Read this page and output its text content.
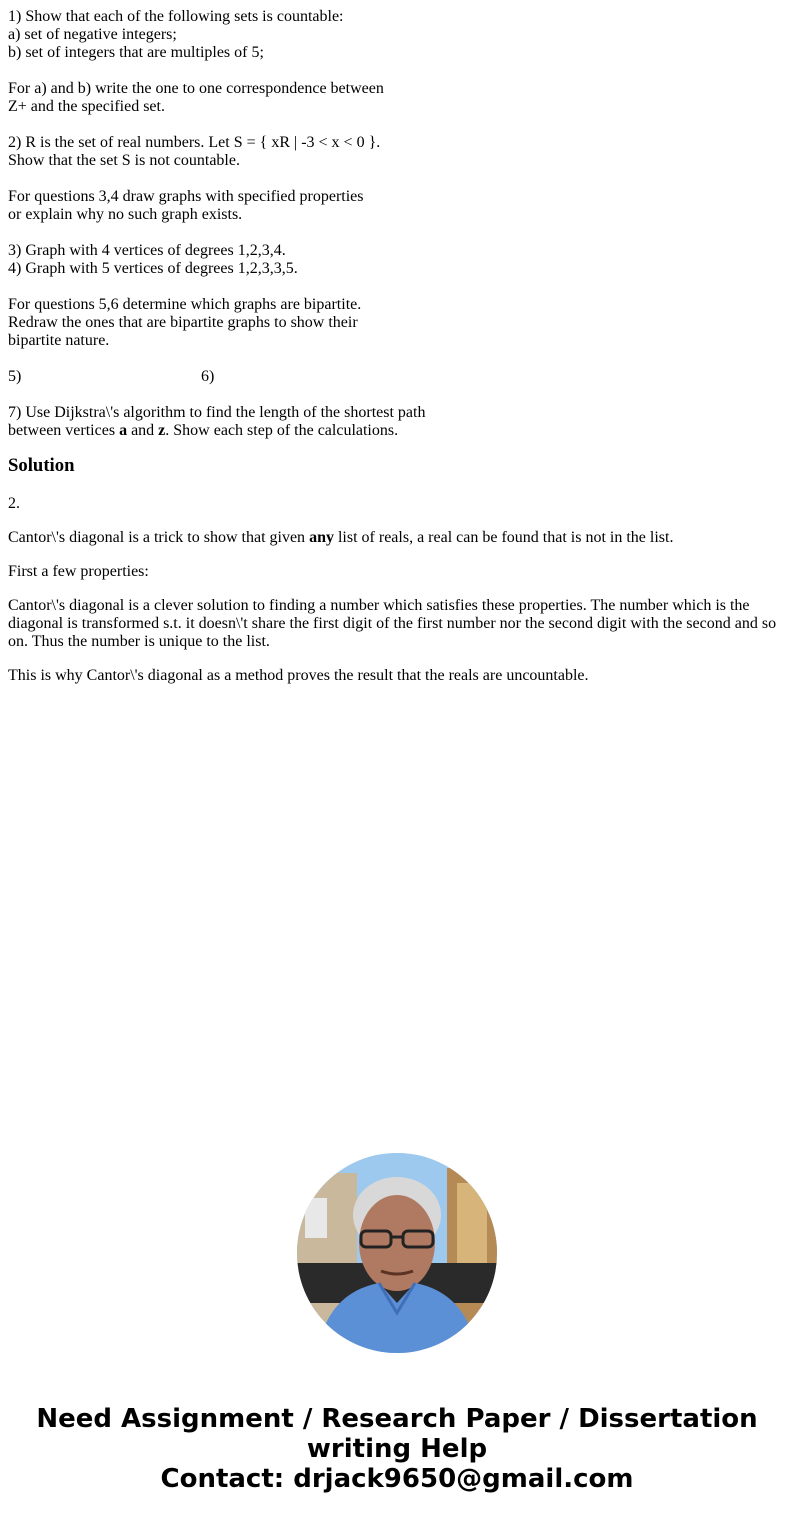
1) Show that each of the following sets is countable:
a) set of negative integers;
b) set of integers that are multiples of 5;
For a) and b) write the one to one correspondence between
Z+ and the specified set.
2) R is the set of real numbers. Let S = { xR | -3 < x < 0 }.
Show that the set S is not countable.
For questions 3,4 draw graphs with specified properties
or explain why no such graph exists.
3) Graph with 4 vertices of degrees 1,2,3,4.
4) Graph with 5 vertices of degrees 1,2,3,3,5.
For questions 5,6 determine which graphs are bipartite.
Redraw the ones that are bipartite graphs to show their
bipartite nature.
5)	6)
7) Use Dijkstra\'s algorithm to find the length of the shortest path
between vertices a and z. Show each step of the calculations.
Solution

2.

Cantor\'s diagonal is a trick to show that given any list of reals, a real can be found that is not in the list.

First a few properties:

Cantor\'s diagonal is a clever solution to finding a number which satisfies these properties. The number which is the diagonal is transformed s.t. it doesn\'t share the first digit of the first number nor the second digit with the second and so on. Thus the number is unique to the list.

This is why Cantor\'s diagonal as a method proves the result that the reals are uncountable.

Need Assignment / Research Paper / Dissertation
writing Help
Contact: drjack9650@gmail.com
